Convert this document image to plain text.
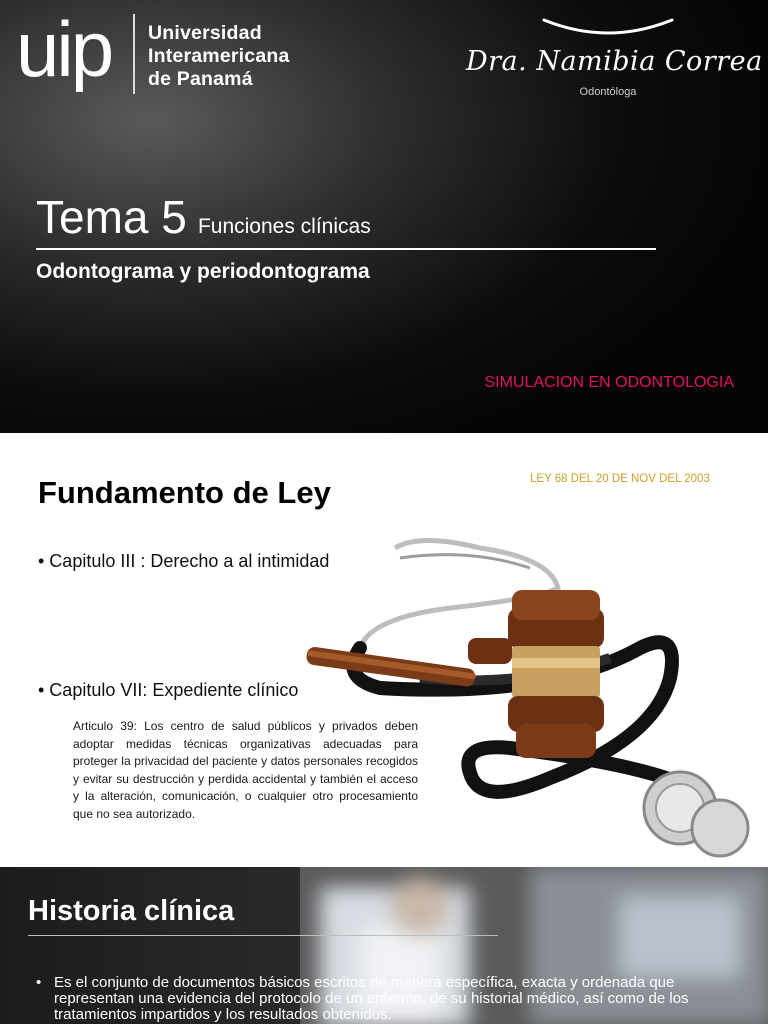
uip Universidad
Interamericana
de Panamá
Dra. Namibia Correa
Odontóloga
Tema 5 Funciones clínicas
Odontograma y periodontograma
SIMULACION EN ODONTOLOGIA
Fundamento de Ley	LEY 68 DEL 20 DE NOV DEL 2003
• Capitulo III : Derecho a al intimidad
• Capitulo VII: Expediente clínico

Articulo 39: Los centro de salud públicos y privados deben adoptar medidas técnicas organizativas adecuadas para proteger la privacidad del paciente y datos personales recogidos y evitar su destrucción y perdida accidental y también el acceso y la alteración, comunicación, o cualquier otro procesamiento que no sea autorizado.

Historia clínica
• Es el conjunto de documentos básicos escritos de manera específica, exacta y ordenada que representan una evidencia del protocolo de un enfermo, de su historial médico, así como de los tratamientos impartidos y los resultados obtenidos.
